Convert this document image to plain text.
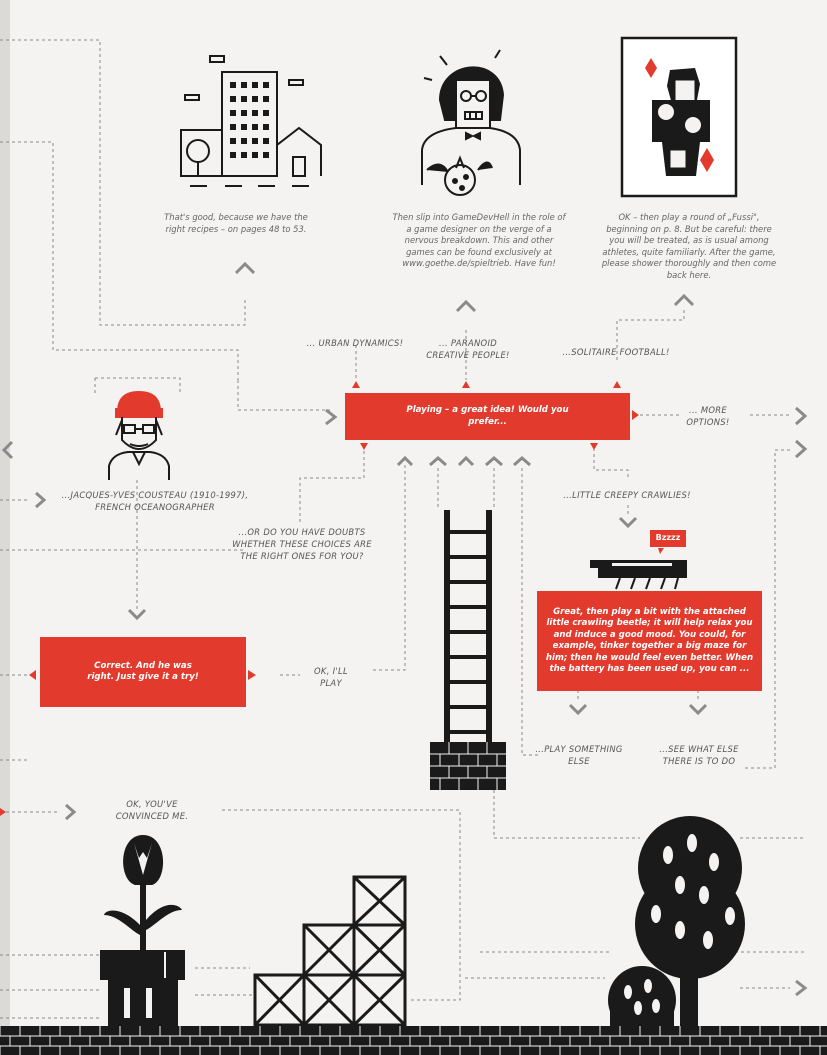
That's good, because we have the right recipes – on pages 48 to 53.
Then slip into GameDevHell in the role of a game designer on the verge of a nervous breakdown. This and other games can be found exclusively at www.goethe.de/spieltrieb. Have fun!
OK – then play a round of „Fussi", beginning on p. 8. But be careful: there you will be treated, as is usual among athletes, quite familiarly. After the game, please shower thoroughly and then come back here.
... URBAN DYNAMICS!	... PARANOID CREATIVE PEOPLE!	...SOLITAIRE FOOTBALL!
... MORE OPTIONS!
...LITTLE CREEPY CRAWLIES!
...JACQUES-YVES COUSTEAU (1910-1997), FRENCH OCEANOGRAPHER
...OR DO YOU HAVE DOUBTS WHETHER THESE CHOICES ARE THE RIGHT ONES FOR YOU?
OK, I'LL PLAY
OK, YOU'VE CONVINCED ME.
...PLAY SOMETHING ELSE
...SEE WHAT ELSE THERE IS TO DO
Playing – a great idea! Would you prefer...
Correct. And he was right. Just give it a try!
Great, then play a bit with the attached little crawling beetle; it will help relax you and induce a good mood. You could, for example, tinker together a big maze for him; then he would feel even better. When the battery has been used up, you can ...
Bzzzz
